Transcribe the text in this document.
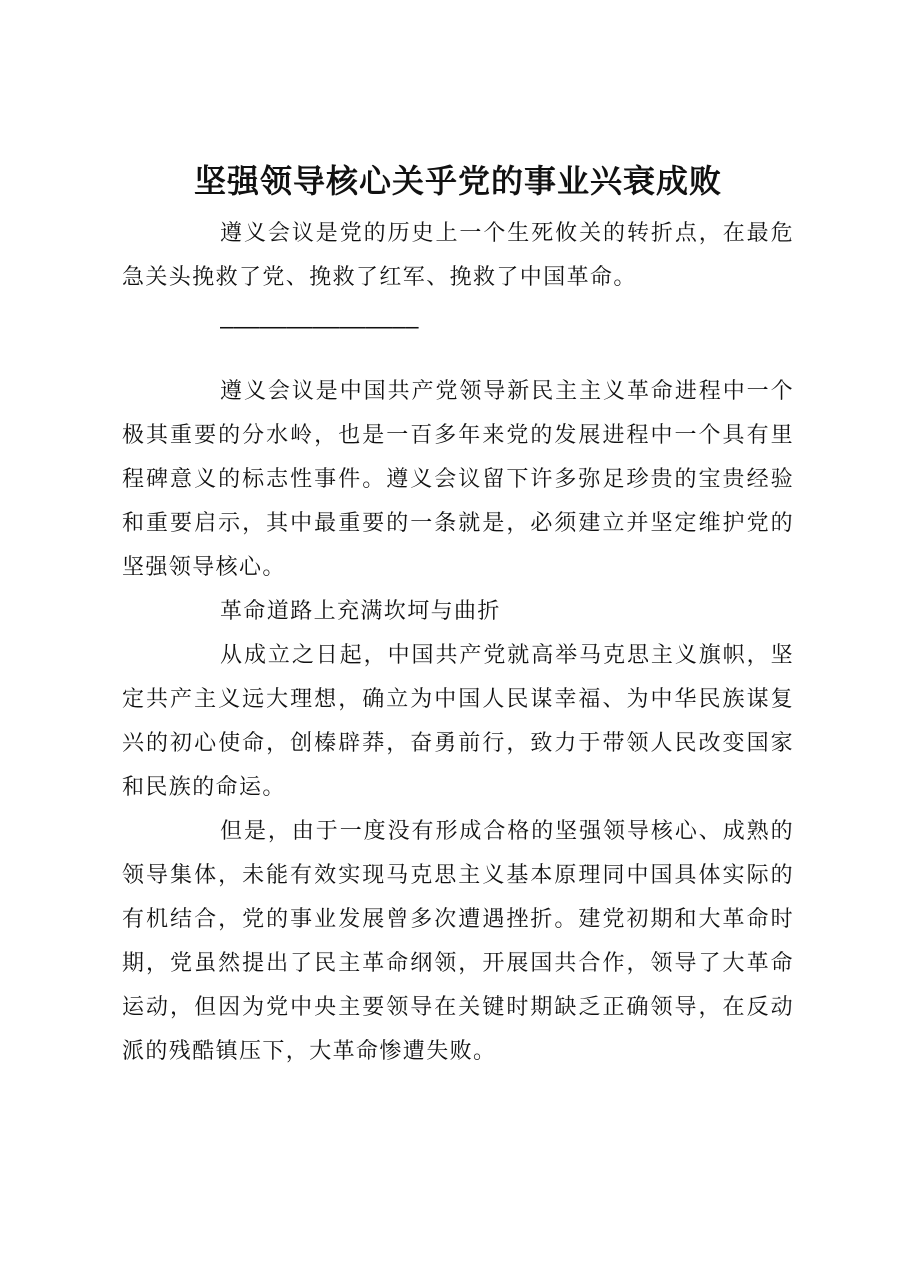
坚强领导核心关乎党的事业兴衰成败

遵义会议是党的历史上一个生死攸关的转折点，在最危急关头挽救了党、挽救了红军、挽救了中国革命。

———————————————

遵义会议是中国共产党领导新民主主义革命进程中一个极其重要的分水岭，也是一百多年来党的发展进程中一个具有里程碑意义的标志性事件。遵义会议留下许多弥足珍贵的宝贵经验和重要启示，其中最重要的一条就是，必须建立并坚定维护党的坚强领导核心。

革命道路上充满坎坷与曲折

从成立之日起，中国共产党就高举马克思主义旗帜，坚定共产主义远大理想，确立为中国人民谋幸福、为中华民族谋复兴的初心使命，创榛辟莽，奋勇前行，致力于带领人民改变国家和民族的命运。

但是，由于一度没有形成合格的坚强领导核心、成熟的领导集体，未能有效实现马克思主义基本原理同中国具体实际的有机结合，党的事业发展曾多次遭遇挫折。建党初期和大革命时期，党虽然提出了民主革命纲领，开展国共合作，领导了大革命运动，但因为党中央主要领导在关键时期缺乏正确领导，在反动派的残酷镇压下，大革命惨遭失败。
